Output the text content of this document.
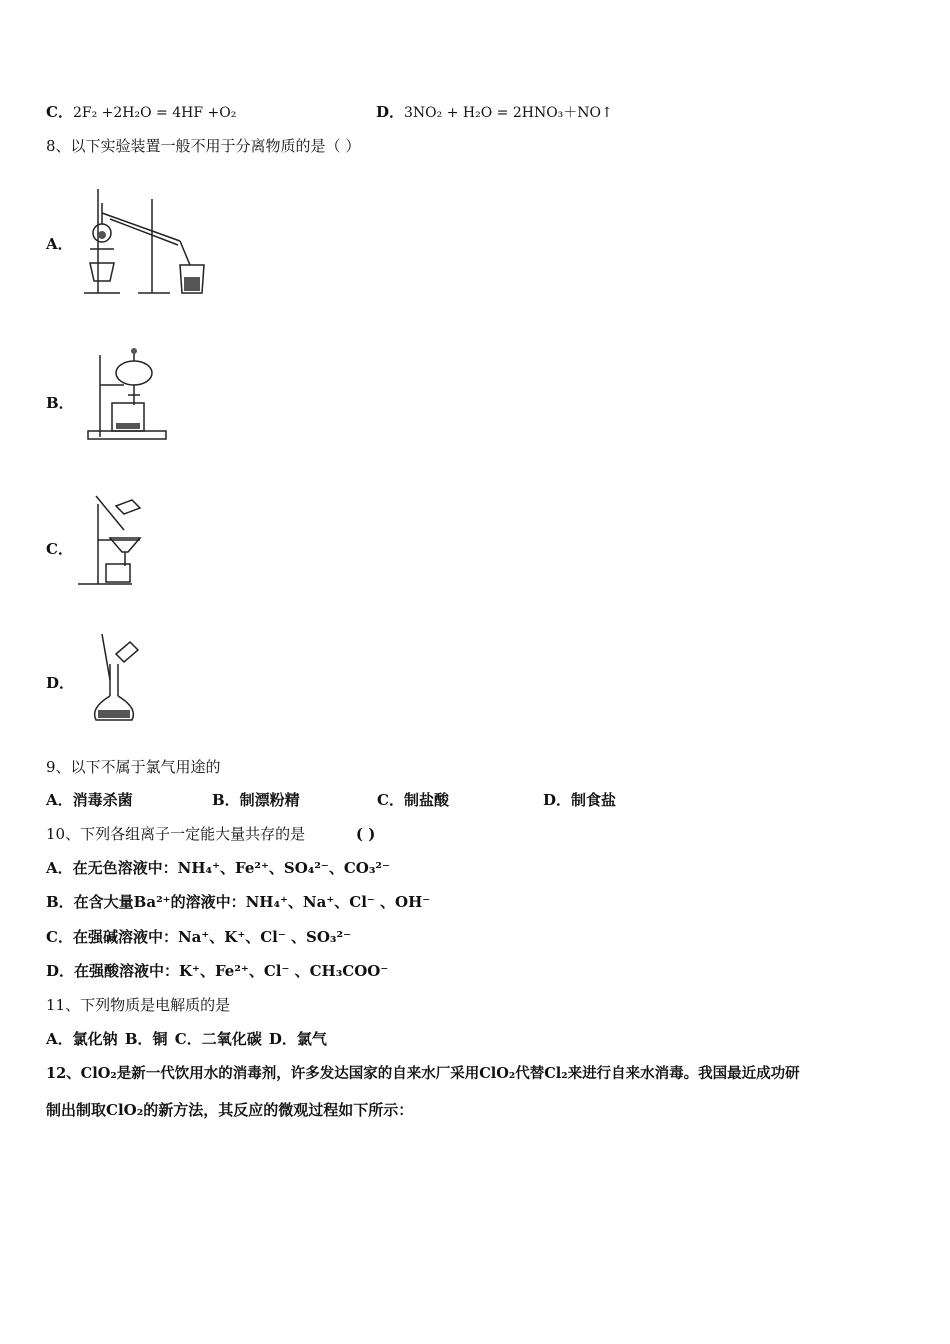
C．2F₂ +2H₂O = 4HF +O₂	D．3NO₂ + H₂O = 2HNO₃＋NO↑
8、以下实验装置一般不用于分离物质的是（ ）
A．
B．
C．
D．
9、以下不属于氯气用途的
A．消毒杀菌	B．制漂粉精	C．制盐酸	D．制食盐
10、下列各组离子一定能大量共存的是	( )
A．在无色溶液中：NH₄⁺、Fe²⁺、SO₄²⁻、CO₃²⁻
B．在含大量Ba²⁺的溶液中：NH₄⁺、Na⁺、Cl⁻ 、OH⁻
C．在强碱溶液中：Na⁺、K⁺、Cl⁻ 、SO₃²⁻
D．在强酸溶液中：K⁺、Fe²⁺、Cl⁻ 、CH₃COO⁻
11、下列物质是电解质的是
A．氯化钠 B．铜 C．二氧化碳 D．氯气
12、ClO₂是新一代饮用水的消毒剂，许多发达国家的自来水厂采用ClO₂代替Cl₂来进行自来水消毒。我国最近成功研
制出制取ClO₂的新方法，其反应的微观过程如下所示：
